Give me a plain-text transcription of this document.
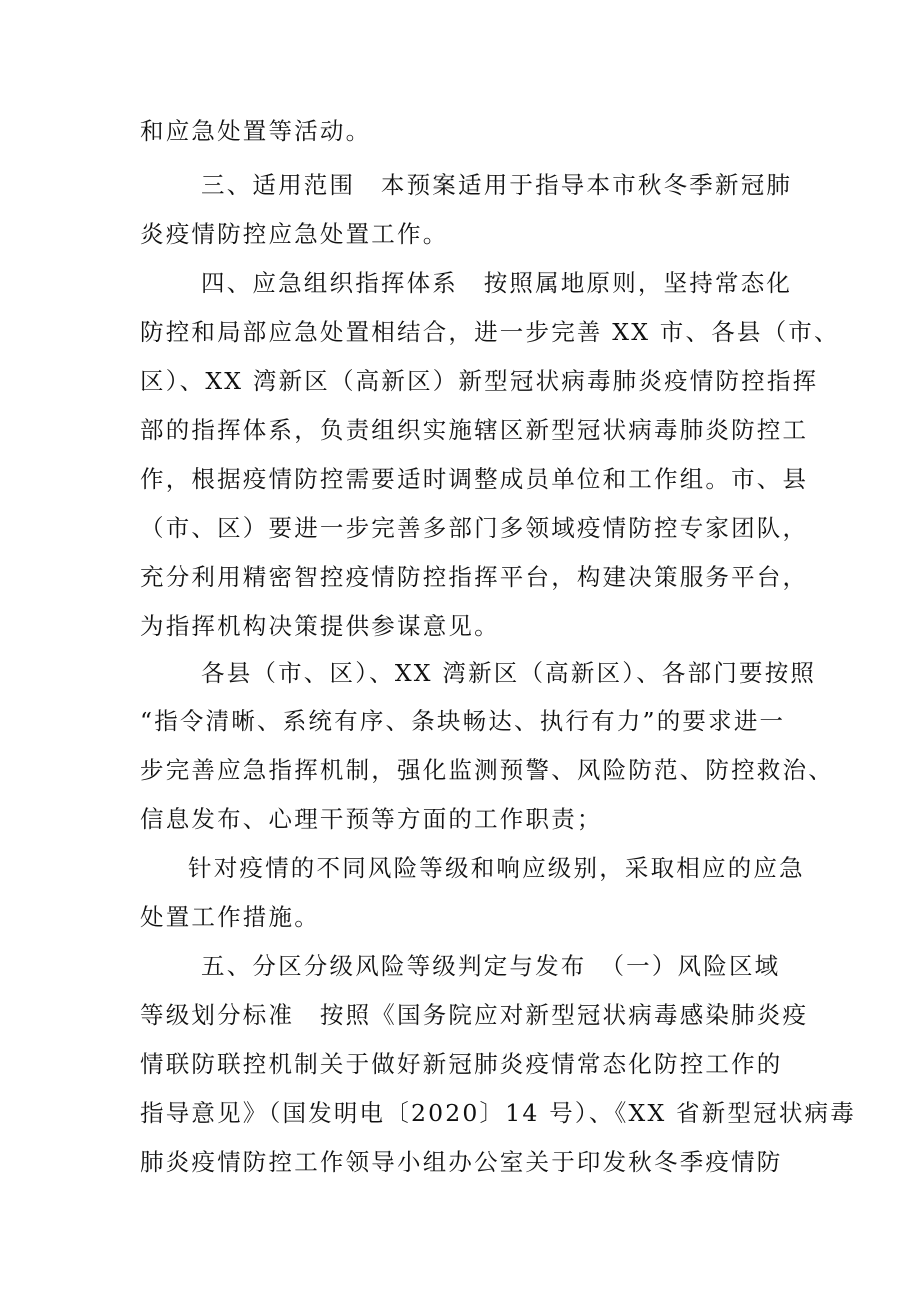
和应急处置等活动。
三、适用范围　本预案适用于指导本市秋冬季新冠肺
炎疫情防控应急处置工作。
四、应急组织指挥体系　按照属地原则，坚持常态化
防控和局部应急处置相结合，进一步完善 XX 市、各县（市、
区）、XX 湾新区（高新区）新型冠状病毒肺炎疫情防控指挥
部的指挥体系，负责组织实施辖区新型冠状病毒肺炎防控工
作，根据疫情防控需要适时调整成员单位和工作组。市、县
（市、区）要进一步完善多部门多领域疫情防控专家团队，
充分利用精密智控疫情防控指挥平台，构建决策服务平台，
为指挥机构决策提供参谋意见。
各县（市、区）、XX 湾新区（高新区）、各部门要按照
“指令清晰、系统有序、条块畅达、执行有力”的要求进一
步完善应急指挥机制，强化监测预警、风险防范、防控救治、
信息发布、心理干预等方面的工作职责；
针对疫情的不同风险等级和响应级别，采取相应的应急
处置工作措施。
五、分区分级风险等级判定与发布　（一）风险区域
等级划分标准　按照《国务院应对新型冠状病毒感染肺炎疫
情联防联控机制关于做好新冠肺炎疫情常态化防控工作的
指导意见》（国发明电〔2020〕14 号）、《XX 省新型冠状病毒
肺炎疫情防控工作领导小组办公室关于印发秋冬季疫情防
